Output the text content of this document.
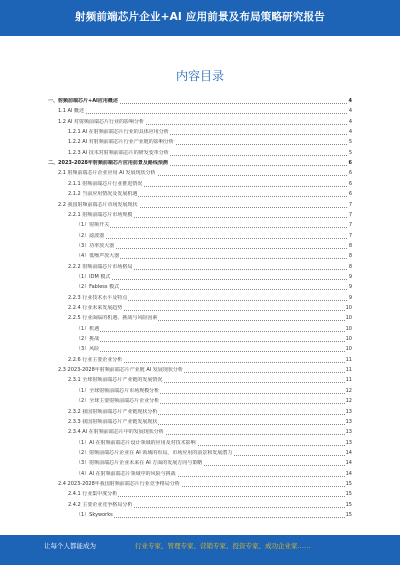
射频前端芯片企业+AI 应用前景及布局策略研究报告
内容目录
一、射频前端芯片+AI应用概述	4
1.1 AI 概述	4
1.2 AI 对射频前端芯片行业的影响分析	4
1.2.1 AI 在射频前端芯片行业的具体应用分析	4
1.2.2 AI 对射频前端芯片行业产业链的影响分析	5
1.2.3 AI 技术对射频前端芯片的研发变革分析	5
二、2023-2028年射频前端芯片应用前景及路线预测	6
2.1 射频前端芯片企业应用 AI 发展现状分析	6
2.1.1 射频前端芯片行业推进情况	6
2.1.2 当前应用情况及发展机遇	6
2.2 我国射频前端芯片市场发展现状	7
2.2.1 射频前端芯片市场规模	7
（1）射频开关	7
（2）滤波器	7
（3）功率放大器	8
（4）低噪声放大器	8
2.2.2 射频前端芯片市场格局	8
（1）IDM 模式	9
（2）Fabless 模式	9
2.2.3 行业技术水平及特点	9
2.2.4 行业未来发展趋势	10
2.2.5 行业面临的机遇、挑战与风险因素	10
（1）机遇	10
（2）挑战	10
（3）风险	10
2.2.6 行业主要企业分析	11
2.3 2023-2028年射频前端芯片产业链 AI 发展现状分析	11
2.3.1 全球射频前端芯片产业链的发展情况	11
（1）全球射频前端芯片市场规模分析	12
（2）全球主要射频前端芯片企业分析	12
2.3.2 我国射频前端芯片产业链现状分析	13
2.3.3 我国射频前端芯片产业链发展现状	13
2.3.4 AI 在射频前端芯片中的发展现状分析	13
（1）AI 在射频前端芯片设计领域的应用及对技术影响	13
（2）射频前端芯片企业在 AI 领域的布局，市场应用的前景和发展潜力	14
（3）射频前端芯片企业未来在 AI 方面的发展方向与策略	14
（4）AI 在射频前端芯片领域中的风险与挑战	14
2.4 2023-2028年我国射频前端芯片行业竞争格局分析	15
2.4.1 行业集中度分析	15
2.4.2 主要企业竞争格局分析	15
（1）Skyworks	15
让每个人都能成为	行业专家、管理专家、营销专家、投资专家、成功企业家……
